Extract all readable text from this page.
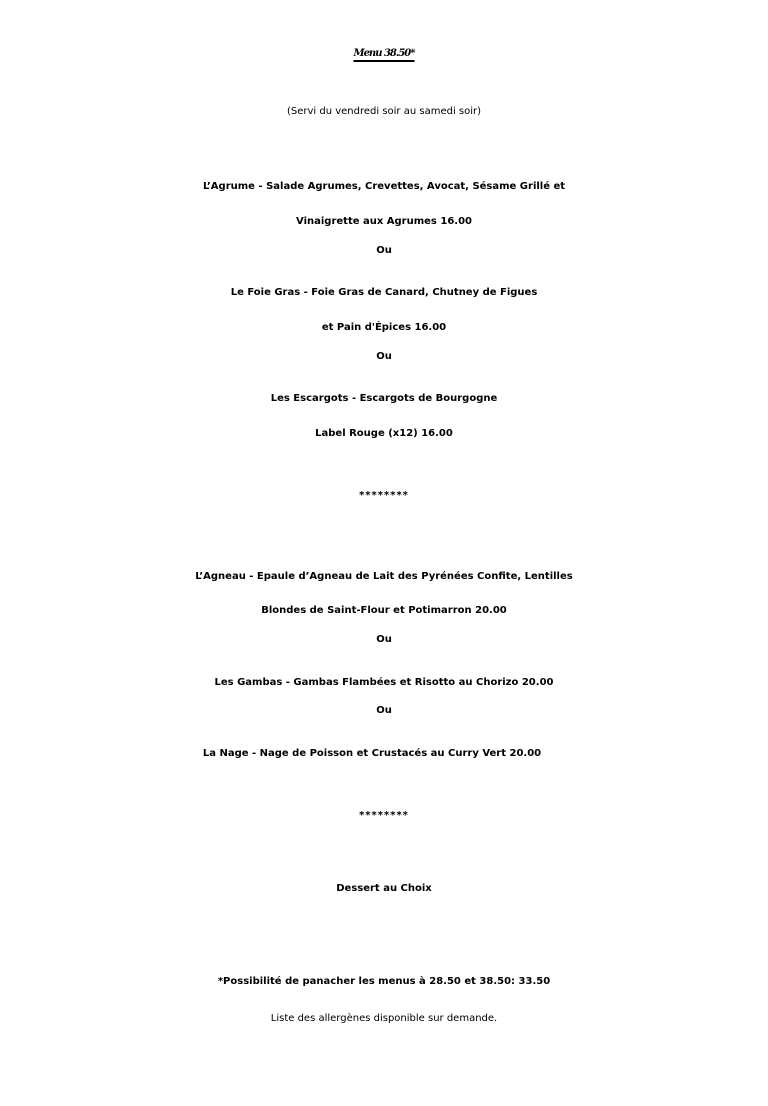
Menu 38.50*
(Servi du vendredi soir au samedi soir)
L’Agrume - Salade Agrumes, Crevettes, Avocat, Sésame Grillé et
Vinaigrette aux Agrumes 16.00
Ou
Le Foie Gras - Foie Gras de Canard, Chutney de Figues
et Pain d'Épices 16.00
Ou
Les Escargots - Escargots de Bourgogne
Label Rouge (x12) 16.00
********
L’Agneau - Epaule d’Agneau de Lait des Pyrénées Confite, Lentilles
Blondes de Saint-Flour et Potimarron 20.00
Ou
Les Gambas - Gambas Flambées et Risotto au Chorizo 20.00
Ou
La Nage - Nage de Poisson et Crustacés au Curry Vert 20.00
********
Dessert au Choix
*Possibilité de panacher les menus à 28.50 et 38.50: 33.50
Liste des allergènes disponible sur demande.
